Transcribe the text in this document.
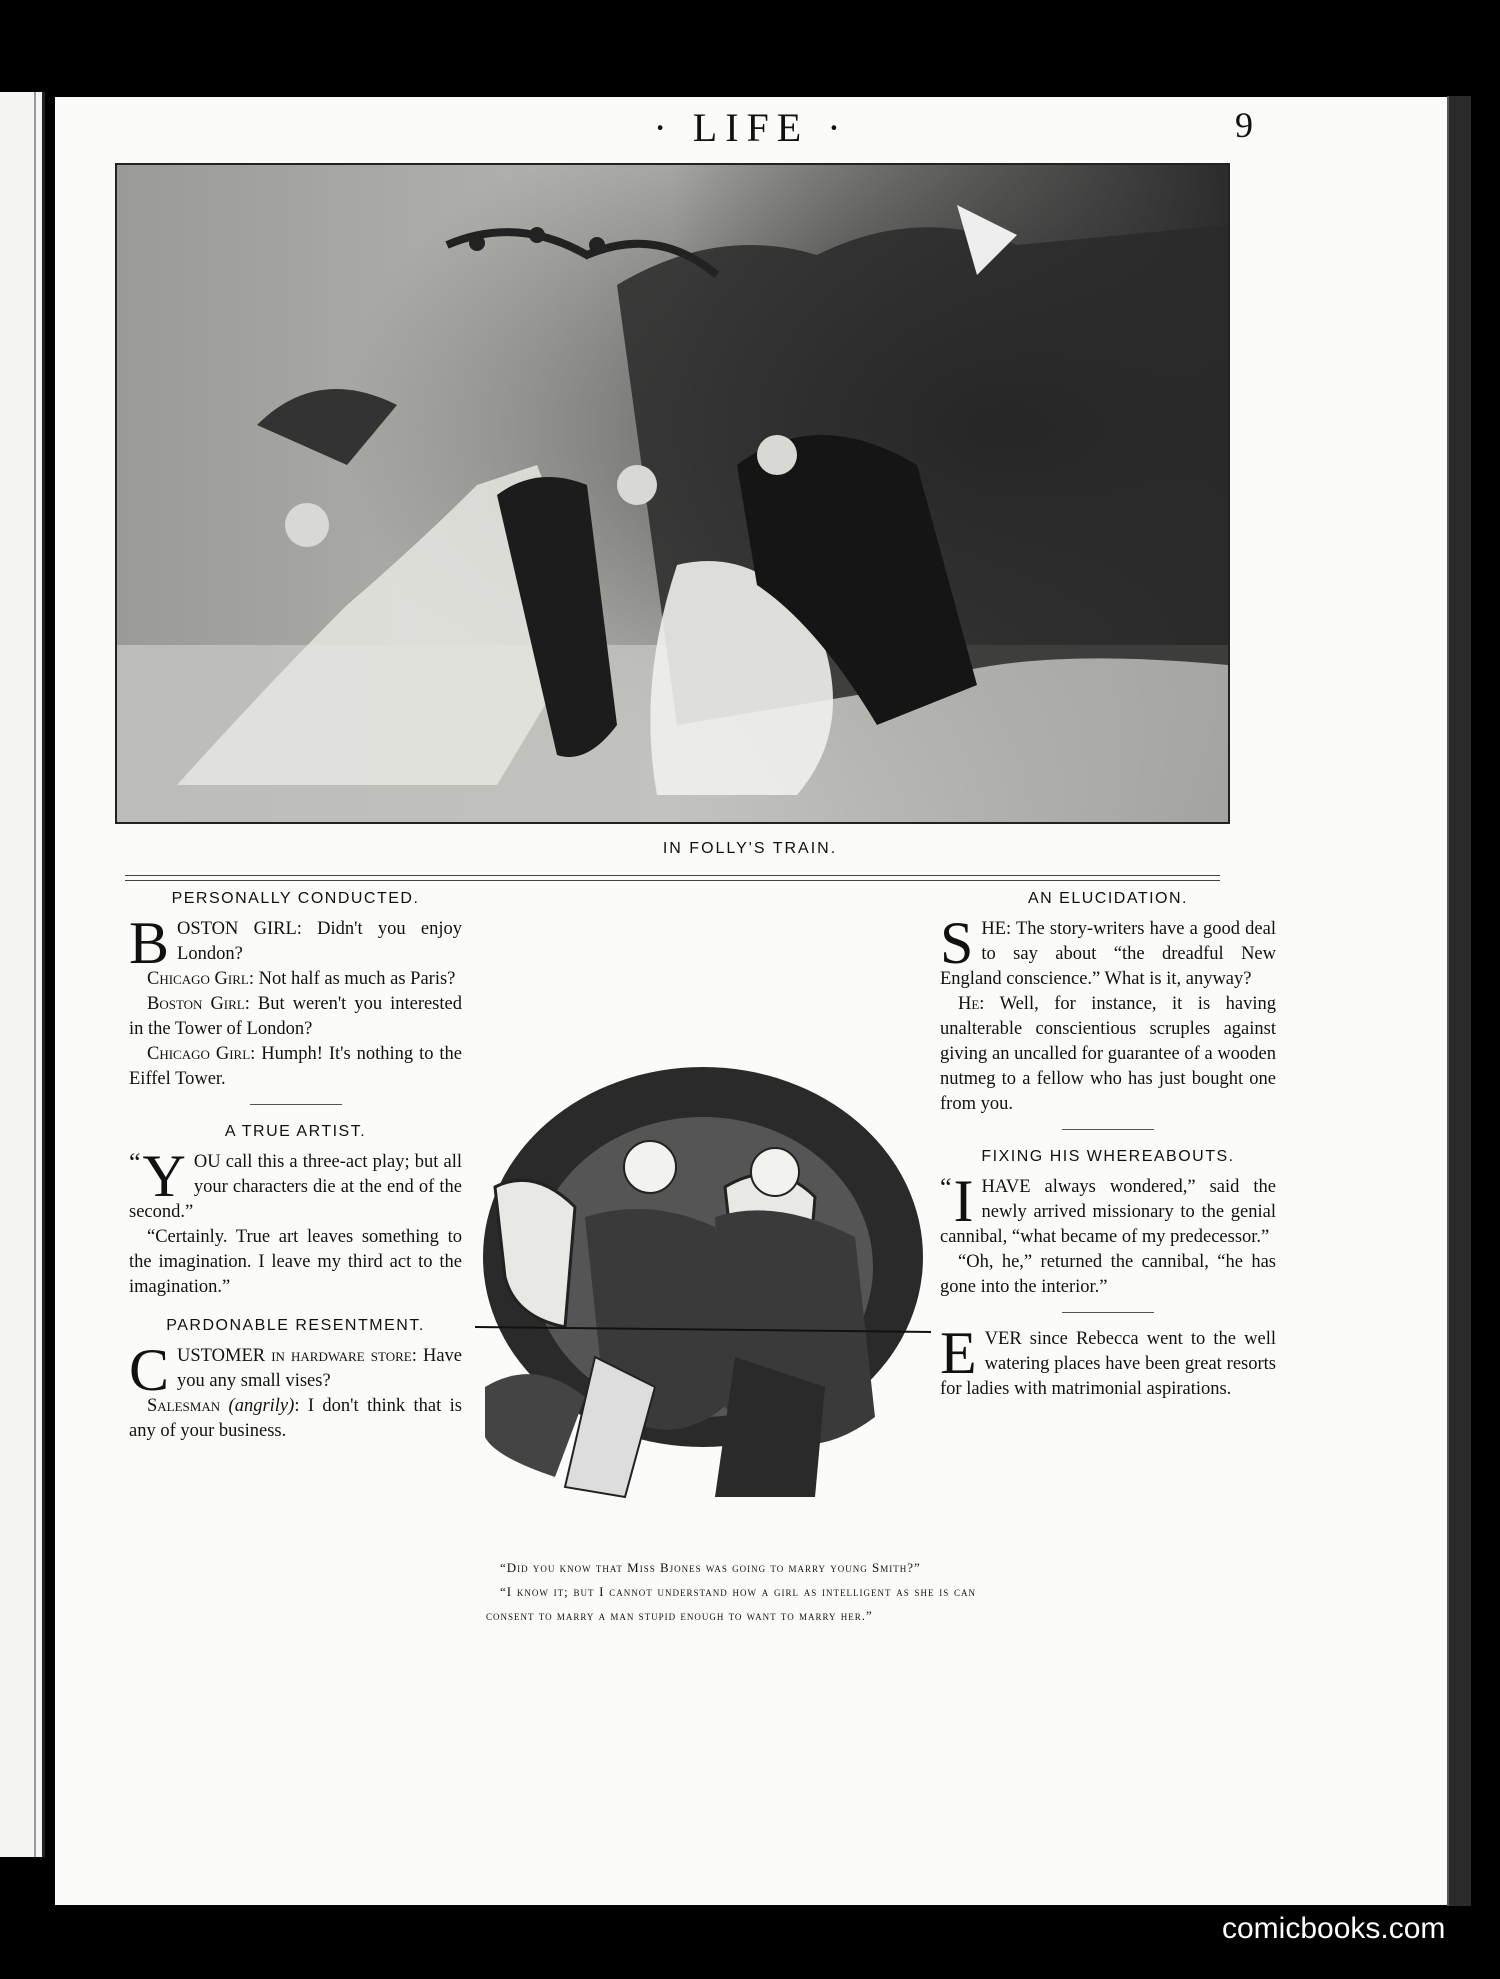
· LIFE ·	9
IN FOLLY'S TRAIN.
PERSONALLY CONDUCTED.

BOSTON GIRL: Didn't you enjoy London?

Chicago Girl: Not half as much as Paris?

Boston Girl: But weren't you interested in the Tower of London?

Chicago Girl: Humph! It's nothing to the Eiffel Tower.

A TRUE ARTIST.

“ Y OU call this a three-act play; but all your characters die at the end of the second.”

“Certainly. True art leaves something to the imagination. I leave my third act to the imagination.”

PARDONABLE RESENTMENT.

CUSTOMER in hardware store: Have you any small vises?

Salesman (angrily): I don't think that is any of your business.

“Did you know that Miss Bjones was going to marry young Smith?”

“I know it; but I cannot understand how a girl as intelligent as she is can consent to marry a man stupid enough to want to marry her.”

AN ELUCIDATION.

SHE: The story-writers have a good deal to say about “the dreadful New England conscience.” What is it, anyway?

He: Well, for instance, it is having unalterable conscientious scruples against giving an uncalled for guarantee of a wooden nutmeg to a fellow who has just bought one from you.

FIXING HIS WHEREABOUTS.

“ I HAVE always wondered,” said the newly arrived missionary to the genial cannibal, “what became of my predecessor.”

“Oh, he,” returned the cannibal, “he has gone into the interior.”

EVER since Rebecca went to the well watering places have been great resorts for ladies with matrimonial aspirations.

comicbooks.com
